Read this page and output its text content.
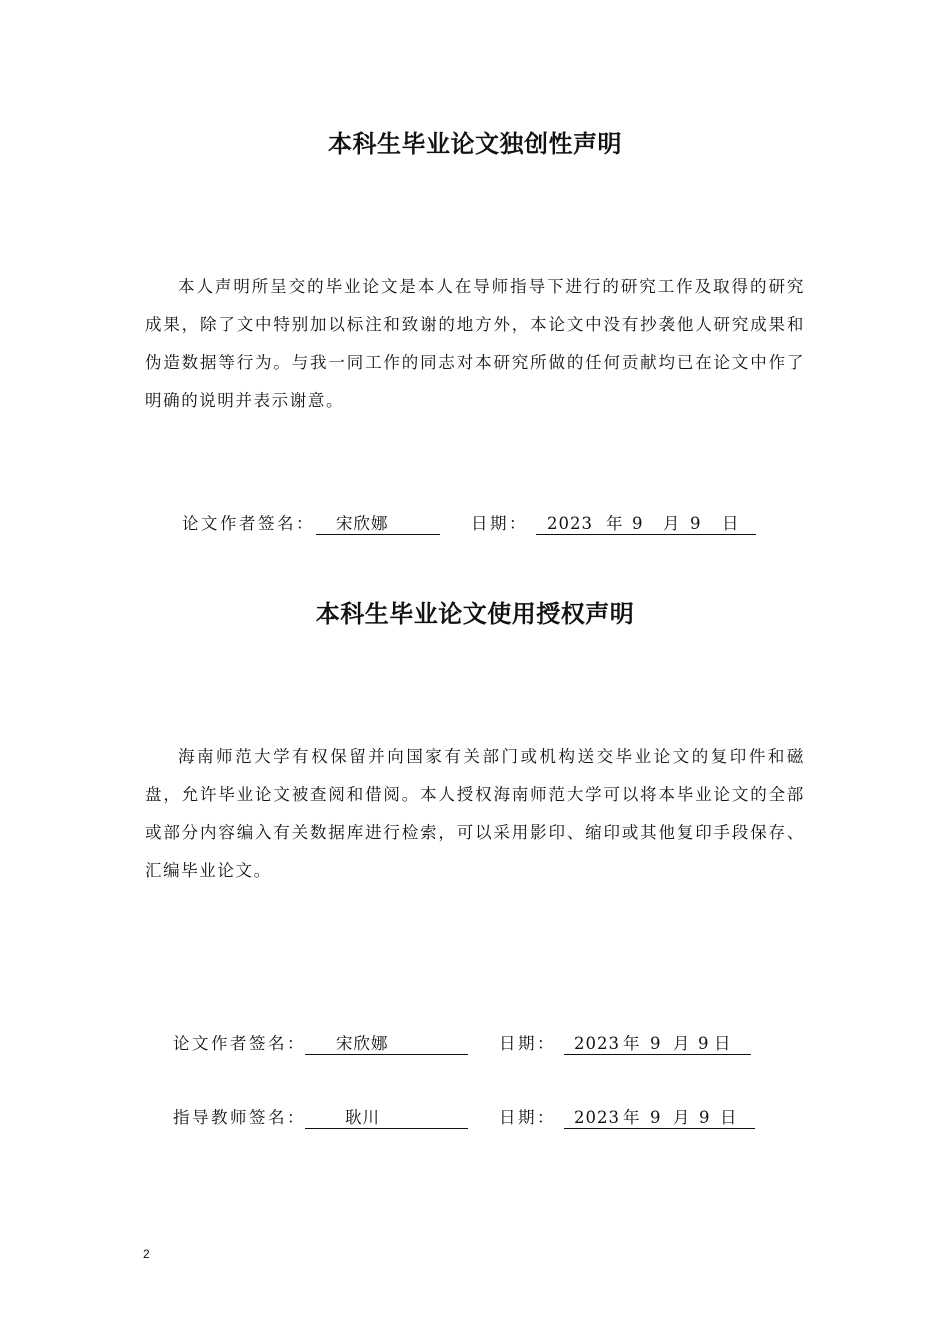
本科生毕业论文独创性声明

本人声明所呈交的毕业论文是本人在导师指导下进行的研究工作及取得的研究成果，除了文中特别加以标注和致谢的地方外，本论文中没有抄袭他人研究成果和伪造数据等行为。与我一同工作的同志对本研究所做的任何贡献均已在论文中作了明确的说明并表示谢意。

论文作者签名： 宋欣娜	日期： 2023 年 9 月 9 日
本科生毕业论文使用授权声明

海南师范大学有权保留并向国家有关部门或机构送交毕业论文的复印件和磁盘，允许毕业论文被查阅和借阅。本人授权海南师范大学可以将本毕业论文的全部或部分内容编入有关数据库进行检索，可以采用影印、缩印或其他复印手段保存、汇编毕业论文。

论文作者签名： 宋欣娜	日期： 2023 年 9 月 9 日
指导教师签名： 耿川	日期： 2023 年 9 月 9 日
2
